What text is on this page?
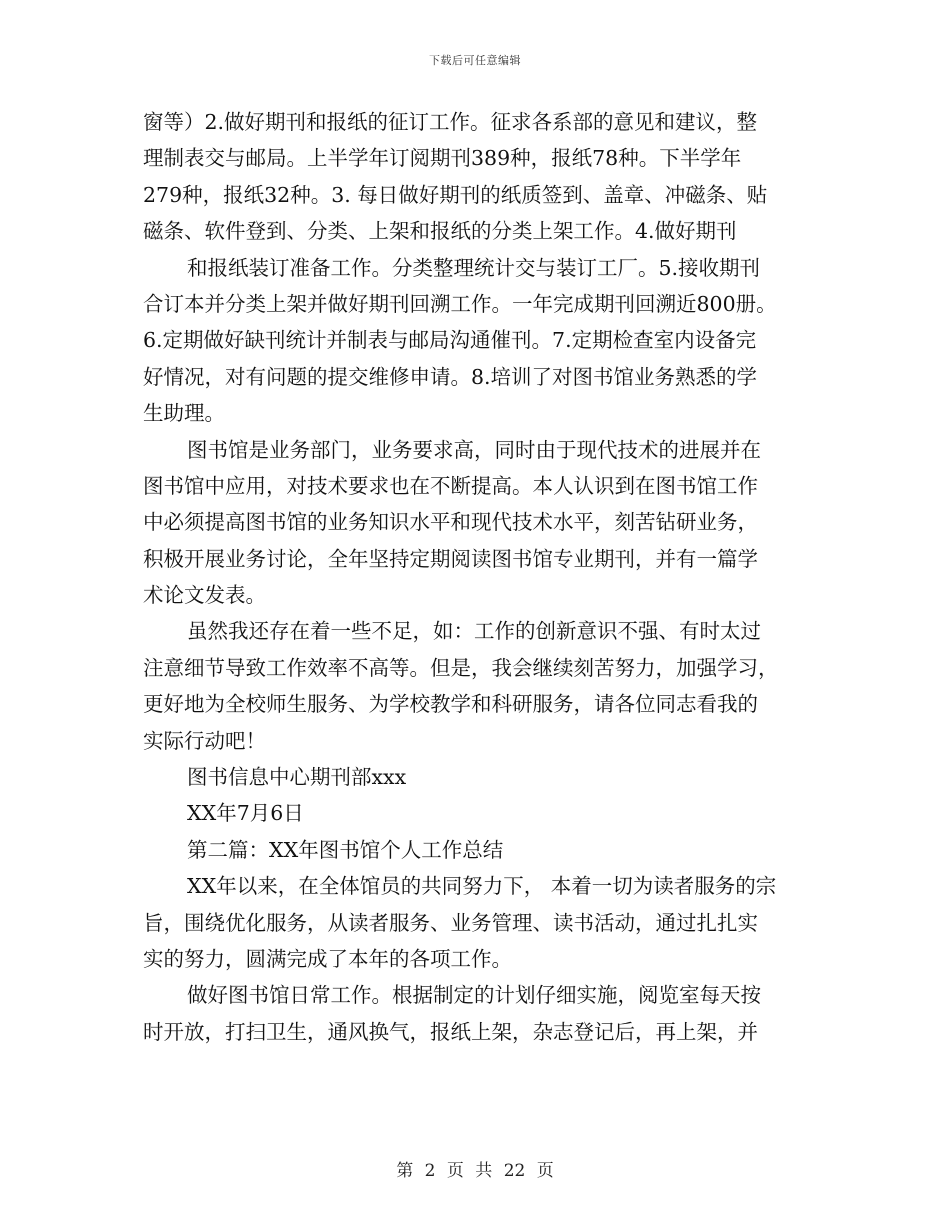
下载后可任意编辑
窗等）2.做好期刊和报纸的征订工作。征求各系部的意见和建议，整
理制表交与邮局。上半学年订阅期刊389种，报纸78种。下半学年
279种，报纸32种。3. 每日做好期刊的纸质签到、盖章、冲磁条、贴
磁条、软件登到、分类、上架和报纸的分类上架工作。4.做好期刊
和报纸装订准备工作。分类整理统计交与装订工厂。5.接收期刊
合订本并分类上架并做好期刊回溯工作。一年完成期刊回溯近800册。
6.定期做好缺刊统计并制表与邮局沟通催刊。7.定期检查室内设备完
好情况，对有问题的提交维修申请。8.培训了对图书馆业务熟悉的学
生助理。
图书馆是业务部门，业务要求高，同时由于现代技术的进展并在
图书馆中应用，对技术要求也在不断提高。本人认识到在图书馆工作
中必须提高图书馆的业务知识水平和现代技术水平，刻苦钻研业务，
积极开展业务讨论，全年坚持定期阅读图书馆专业期刊，并有一篇学
术论文发表。
虽然我还存在着一些不足，如：工作的创新意识不强、有时太过
注意细节导致工作效率不高等。但是，我会继续刻苦努力，加强学习，
更好地为全校师生服务、为学校教学和科研服务，请各位同志看我的
实际行动吧！
图书信息中心期刊部xxx
XX年7月6日
第二篇：XX年图书馆个人工作总结
XX年以来，在全体馆员的共同努力下， 本着一切为读者服务的宗
旨，围绕优化服务，从读者服务、业务管理、读书活动，通过扎扎实
实的努力，圆满完成了本年的各项工作。
做好图书馆日常工作。根据制定的计划仔细实施，阅览室每天按
时开放，打扫卫生，通风换气，报纸上架，杂志登记后，再上架，并
第 2 页 共 22 页
